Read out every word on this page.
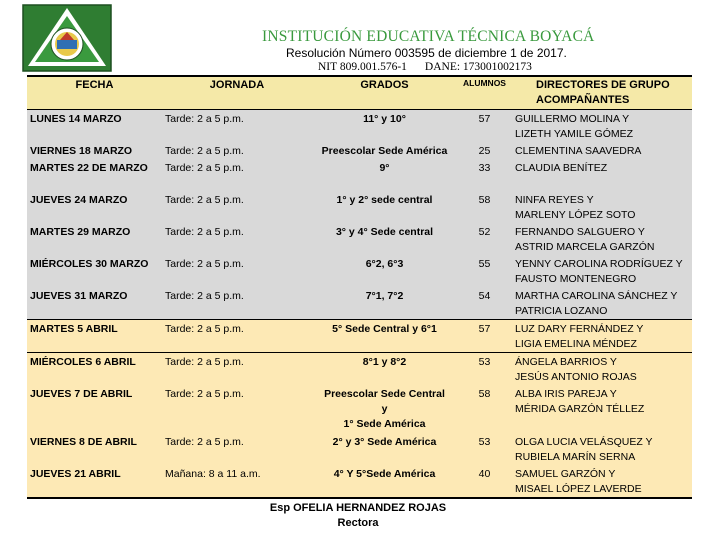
INSTITUCIÓN EDUCATIVA TÉCNICA BOYACÁ
Resolución Número 003595 de diciembre 1 de 2017.
NIT 809.001.576-1 DANE: 173001002173
FECHA	JORNADA	GRADOS	ALUMNOS	DIRECTORES DE GRUPO ACOMPAÑANTES
LUNES 14 MARZO	Tarde: 2 a 5 p.m.	11° y 10°	57	GUILLERMO MOLINA Y
LIZETH YAMILE GÓMEZ

VIERNES 18 MARZO	Tarde: 2 a 5 p.m.	Preescolar Sede América	25	CLEMENTINA SAAVEDRA

MARTES 22 DE MARZO	Tarde: 2 a 5 p.m.	9°	33	CLAUDIA BENÍTEZ

JUEVES 24 MARZO	Tarde: 2 a 5 p.m.	1° y 2° sede central	58	NINFA REYES Y
MARLENY LÓPEZ SOTO

MARTES 29 MARZO	Tarde: 2 a 5 p.m.	3° y 4° Sede central	52	FERNANDO SALGUERO Y
ASTRID MARCELA GARZÓN

MIÉRCOLES 30 MARZO	Tarde: 2 a 5 p.m.	6°2, 6°3	55	YENNY CAROLINA RODRÍGUEZ Y
FAUSTO MONTENEGRO

JUEVES 31 MARZO	Tarde: 2 a 5 p.m.	7°1, 7°2	54	MARTHA CAROLINA SÁNCHEZ Y
PATRICIA LOZANO

MARTES 5 ABRIL	Tarde: 2 a 5 p.m.	5° Sede Central y 6°1	57	LUZ DARY FERNÁNDEZ Y
LIGIA EMELINA MÉNDEZ

MIÉRCOLES 6 ABRIL	Tarde: 2 a 5 p.m.	8°1 y 8°2	53	ÁNGELA BARRIOS Y
JESÚS ANTONIO ROJAS

JUEVES 7 DE ABRIL	Tarde: 2 a 5 p.m.	Preescolar Sede Central
y
1° Sede América	58	ALBA IRIS PAREJA Y
MÉRIDA GARZÓN TÉLLEZ

VIERNES 8 DE ABRIL	Tarde: 2 a 5 p.m.	2° y 3° Sede América	53	OLGA LUCIA VELÁSQUEZ Y
RUBIELA MARÍN SERNA

JUEVES 21 ABRIL	Mañana: 8 a 11 a.m.	4° Y 5°Sede América	40	SAMUEL GARZÓN Y
MISAEL LÓPEZ LAVERDE
Esp OFELIA HERNANDEZ ROJAS
Rectora
